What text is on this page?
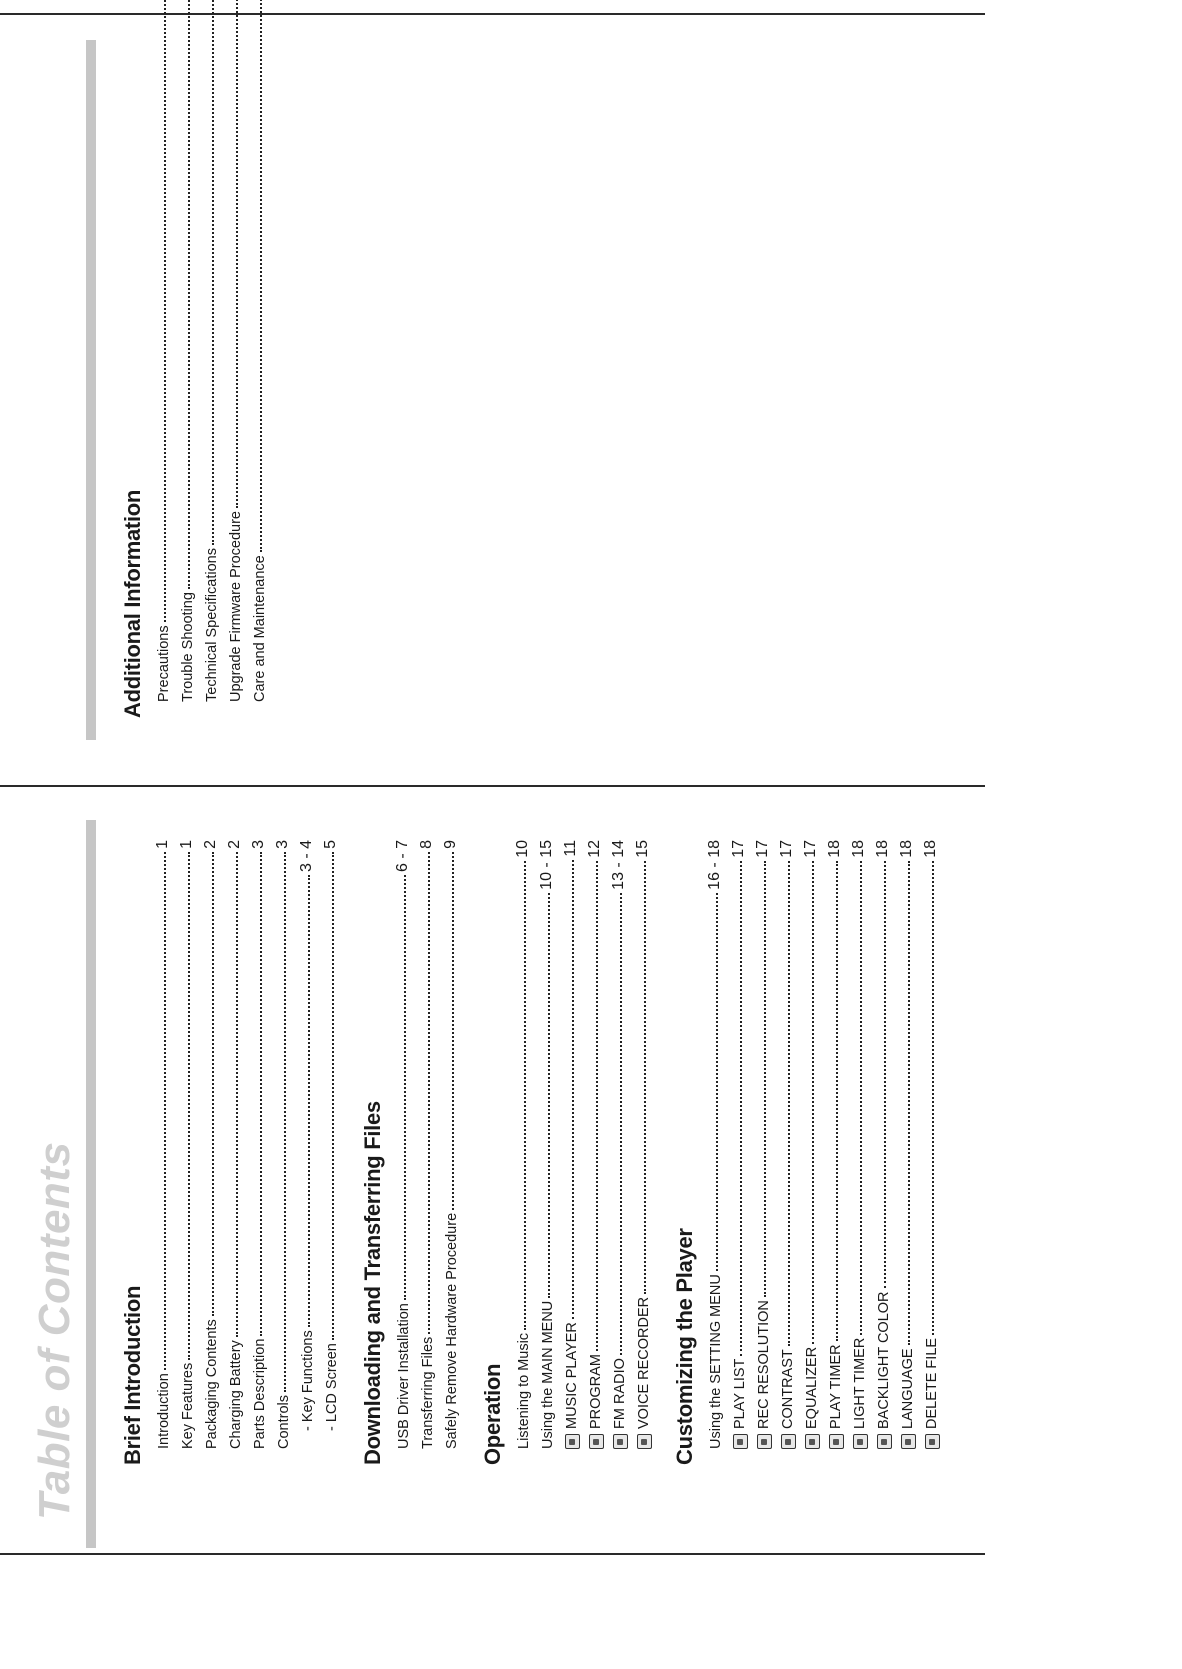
Table of Contents Brief Introduction Introduction
1
Key Features
1
Packaging Contents
2
Charging Battery
2
Parts Description
3
Controls
3
- Key Functions
3 - 4
- LCD Screen
5
Downloading and Transferring Files USB Driver Installation
6 - 7
Transferring Files
8
Safely Remove Hardware Procedure
9
Operation Listening to Music
10
Using the MAIN MENU
10 - 15
MUSIC PLAYER
11
PROGRAM
12
FM RADIO
13 - 14
VOICE RECORDER
15
Customizing the Player Using the SETTING MENU
16 - 18
PLAY LIST
17
REC RESOLUTION
17
CONTRAST
17
EQUALIZER
17
PLAY TIMER
18
LIGHT TIMER
18
BACKLIGHT COLOR
18
LANGUAGE
18
DELETE FILE
18
Additional Information Precautions Trouble Shooting Technical Specifications Upgrade Firmware Procedure Care and Maintenance
